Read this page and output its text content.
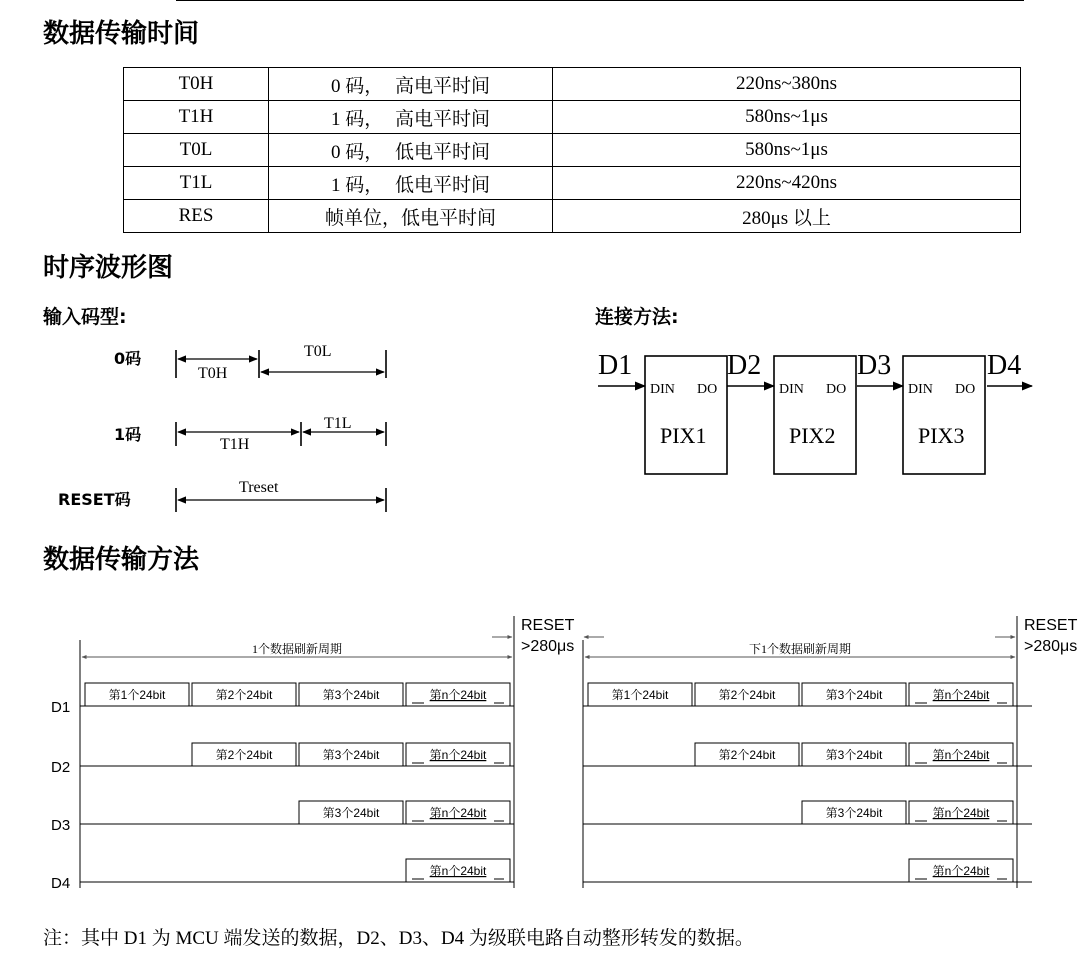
数据传输时间
T0H	0 码， 高电平时间	220ns~380ns
T1H	1 码， 高电平时间	580ns~1μs
T0L	0 码， 低电平时间	580ns~1μs
T1L	1 码， 低电平时间	220ns~420ns
RES	帧单位，低电平时间	280μs 以上
时序波形图
输入码型:	连接方法:
数据传输方法
0码
T0H
T0L
1码
T1H
T1L
RESET码
Treset
DIN DO
PIX1
DIN DO
PIX2
DIN DO
PIX3
D1	D2	D3	D4
1个数据刷新周期
第1个24bit	第2个24bit	第3个24bit	第n个24bit
第2个24bit	第3个24bit	第n个24bit
第3个24bit	第n个24bit
第n个24bit
RESET
>280μs	下1个数据刷新周期
第1个24bit	第2个24bit	第3个24bit	第n个24bit
第2个24bit	第3个24bit	第n个24bit
第3个24bit	第n个24bit
第n个24bit
RESET
>280μs
D1
D2
D3
D4
注：其中 D1 为 MCU 端发送的数据，D2、D3、D4 为级联电路自动整形转发的数据。
